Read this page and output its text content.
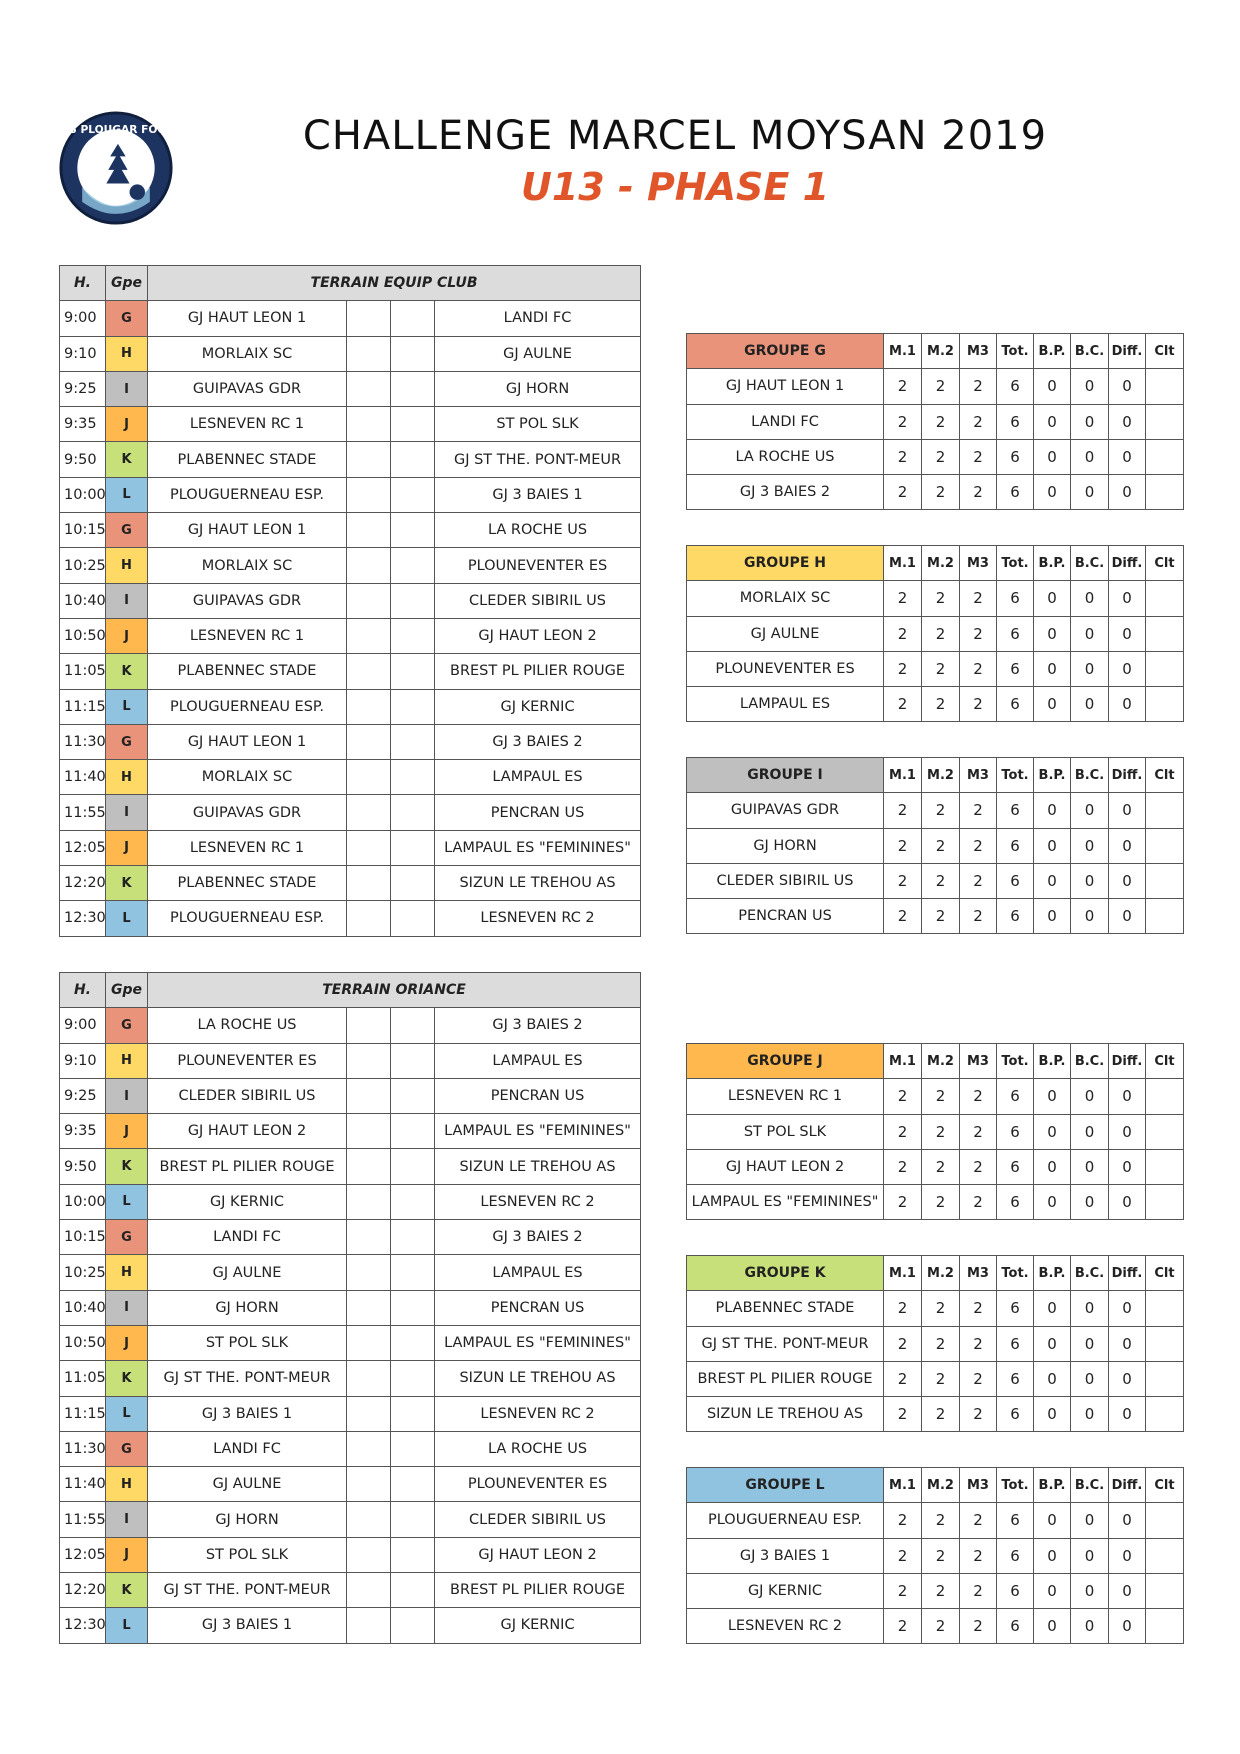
BODILIS PLOUGAR FOOTBALL	CHALLENGE MARCEL MOYSAN 2019
U13 - PHASE 1
H.	Gpe	TERRAIN EQUIP CLUB			
9:00	G	GJ HAUT LEON 1			LANDI FC
9:10	H	MORLAIX SC			GJ AULNE
9:25	I	GUIPAVAS GDR			GJ HORN
9:35	J	LESNEVEN RC 1			ST POL SLK
9:50	K	PLABENNEC STADE			GJ ST THE. PONT-MEUR
10:00	L	PLOUGUERNEAU ESP.			GJ 3 BAIES 1
10:15	G	GJ HAUT LEON 1			LA ROCHE US
10:25	H	MORLAIX SC			PLOUNEVENTER ES
10:40	I	GUIPAVAS GDR			CLEDER SIBIRIL US
10:50	J	LESNEVEN RC 1			GJ HAUT LEON 2
11:05	K	PLABENNEC STADE			BREST PL PILIER ROUGE
11:15	L	PLOUGUERNEAU ESP.			GJ KERNIC
11:30	G	GJ HAUT LEON 1			GJ 3 BAIES 2
11:40	H	MORLAIX SC			LAMPAUL ES
11:55	I	GUIPAVAS GDR			PENCRAN US
12:05	J	LESNEVEN RC 1			LAMPAUL ES "FEMININES"
12:20	K	PLABENNEC STADE			SIZUN LE TREHOU AS
12:30	L	PLOUGUERNEAU ESP.			LESNEVEN RC 2
H.	Gpe	TERRAIN ORIANCE			
9:00	G	LA ROCHE US			GJ 3 BAIES 2
9:10	H	PLOUNEVENTER ES			LAMPAUL ES
9:25	I	CLEDER SIBIRIL US			PENCRAN US
9:35	J	GJ HAUT LEON 2			LAMPAUL ES "FEMININES"
9:50	K	BREST PL PILIER ROUGE			SIZUN LE TREHOU AS
10:00	L	GJ KERNIC			LESNEVEN RC 2
10:15	G	LANDI FC			GJ 3 BAIES 2
10:25	H	GJ AULNE			LAMPAUL ES
10:40	I	GJ HORN			PENCRAN US
10:50	J	ST POL SLK			LAMPAUL ES "FEMININES"
11:05	K	GJ ST THE. PONT-MEUR			SIZUN LE TREHOU AS
11:15	L	GJ 3 BAIES 1			LESNEVEN RC 2
11:30	G	LANDI FC			LA ROCHE US
11:40	H	GJ AULNE			PLOUNEVENTER ES
11:55	I	GJ HORN			CLEDER SIBIRIL US
12:05	J	ST POL SLK			GJ HAUT LEON 2
12:20	K	GJ ST THE. PONT-MEUR			BREST PL PILIER ROUGE
12:30	L	GJ 3 BAIES 1			GJ KERNIC
GROUPE G	M.1	M.2	M3	Tot.	B.P.	B.C.	Diff.	Clt
GJ HAUT LEON 1	2	2	2	6	0	0	0	
LANDI FC	2	2	2	6	0	0	0	
LA ROCHE US	2	2	2	6	0	0	0	
GJ 3 BAIES 2	2	2	2	6	0	0	0	
GROUPE H	M.1	M.2	M3	Tot.	B.P.	B.C.	Diff.	Clt
MORLAIX SC	2	2	2	6	0	0	0	
GJ AULNE	2	2	2	6	0	0	0	
PLOUNEVENTER ES	2	2	2	6	0	0	0	
LAMPAUL ES	2	2	2	6	0	0	0	
GROUPE I	M.1	M.2	M3	Tot.	B.P.	B.C.	Diff.	Clt
GUIPAVAS GDR	2	2	2	6	0	0	0	
GJ HORN	2	2	2	6	0	0	0	
CLEDER SIBIRIL US	2	2	2	6	0	0	0	
PENCRAN US	2	2	2	6	0	0	0	
GROUPE J	M.1	M.2	M3	Tot.	B.P.	B.C.	Diff.	Clt
LESNEVEN RC 1	2	2	2	6	0	0	0	
ST POL SLK	2	2	2	6	0	0	0	
GJ HAUT LEON 2	2	2	2	6	0	0	0	
LAMPAUL ES "FEMININES"	2	2	2	6	0	0	0	
GROUPE K	M.1	M.2	M3	Tot.	B.P.	B.C.	Diff.	Clt
PLABENNEC STADE	2	2	2	6	0	0	0	
GJ ST THE. PONT-MEUR	2	2	2	6	0	0	0	
BREST PL PILIER ROUGE	2	2	2	6	0	0	0	
SIZUN LE TREHOU AS	2	2	2	6	0	0	0	
GROUPE L	M.1	M.2	M3	Tot.	B.P.	B.C.	Diff.	Clt
PLOUGUERNEAU ESP.	2	2	2	6	0	0	0	
GJ 3 BAIES 1	2	2	2	6	0	0	0	
GJ KERNIC	2	2	2	6	0	0	0	
LESNEVEN RC 2	2	2	2	6	0	0	0	
